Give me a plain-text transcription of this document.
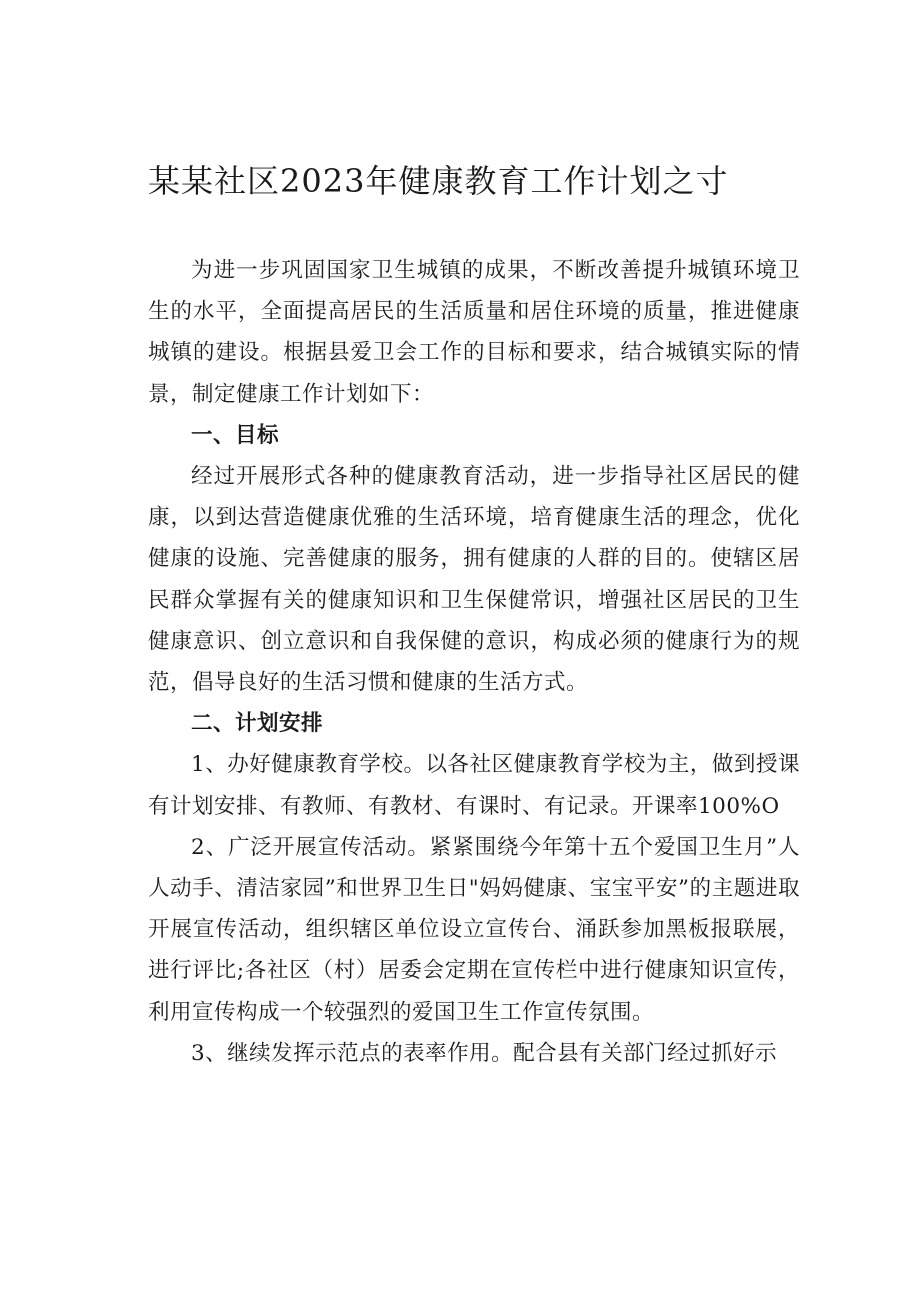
某某社区2023年健康教育工作计划之寸

为进一步巩固国家卫生城镇的成果，不断改善提升城镇环境卫生的水平，全面提高居民的生活质量和居住环境的质量，推进健康城镇的建设。根据县爱卫会工作的目标和要求，结合城镇实际的情景，制定健康工作计划如下：

一、目标

经过开展形式各种的健康教育活动，进一步指导社区居民的健康，以到达营造健康优雅的生活环境，培育健康生活的理念，优化健康的设施、完善健康的服务，拥有健康的人群的目的。使辖区居民群众掌握有关的健康知识和卫生保健常识，增强社区居民的卫生健康意识、创立意识和自我保健的意识，构成必须的健康行为的规范，倡导良好的生活习惯和健康的生活方式。

二、计划安排

1、办好健康教育学校。以各社区健康教育学校为主，做到授课有计划安排、有教师、有教材、有课时、有记录。开课率100%O

2、广泛开展宣传活动。紧紧围绕今年第十五个爱国卫生月”人人动手、清洁家园”和世界卫生日"妈妈健康、宝宝平安”的主题进取开展宣传活动，组织辖区单位设立宣传台、涌跃参加黑板报联展，进行评比;各社区（村）居委会定期在宣传栏中进行健康知识宣传，利用宣传构成一个较强烈的爱国卫生工作宣传氛围。

3、继续发挥示范点的表率作用。配合县有关部门经过抓好示
